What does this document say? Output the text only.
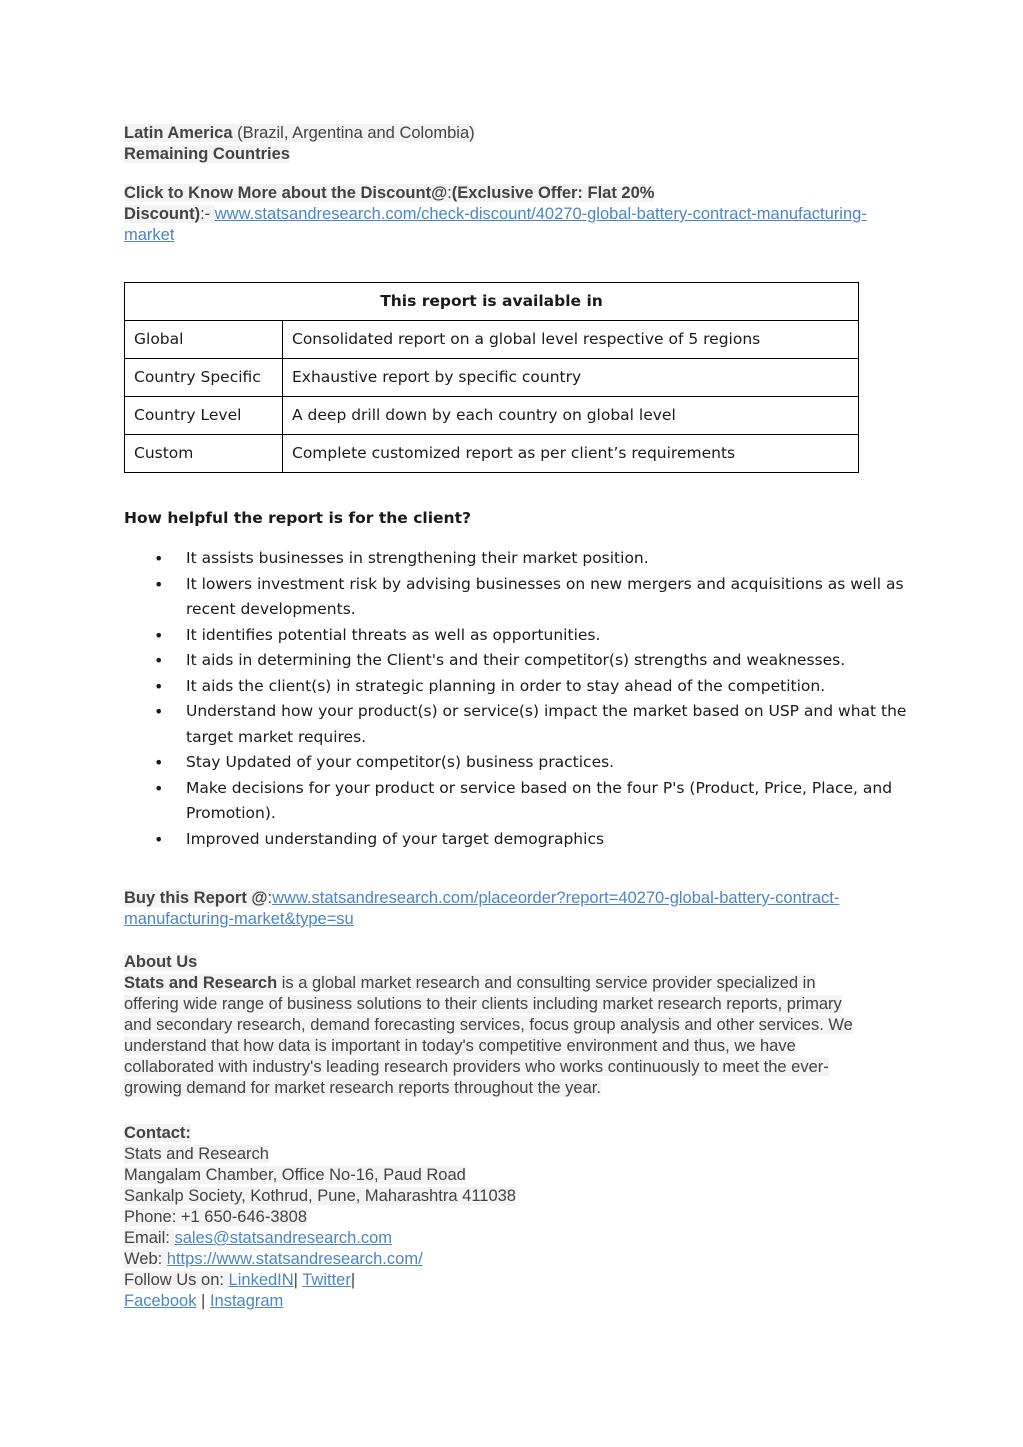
Latin America (Brazil, Argentina and Colombia)
Remaining Countries
Click to Know More about the Discount@:(Exclusive Offer: Flat 20%
Discount):- www.statsandresearch.com/check-discount/40270-global-battery-contract-manufacturing-
market
This report is available in	
Global	Consolidated report on a global level respective of 5 regions
Country Specific	Exhaustive report by specific country
Country Level	A deep drill down by each country on global level
Custom	Complete customized report as per client’s requirements
How helpful the report is for the client?
• It assists businesses in strengthening their market position.
• It lowers investment risk by advising businesses on new mergers and acquisitions as well as recent developments.
• It identifies potential threats as well as opportunities.
• It aids in determining the Client's and their competitor(s) strengths and weaknesses.
• It aids the client(s) in strategic planning in order to stay ahead of the competition.
• Understand how your product(s) or service(s) impact the market based on USP and what the target market requires.
• Stay Updated of your competitor(s) business practices.
• Make decisions for your product or service based on the four P's (Product, Price, Place, and Promotion).
• Improved understanding of your target demographics
Buy this Report @:www.statsandresearch.com/placeorder?report=40270-global-battery-contract-
manufacturing-market&type=su
About Us
Stats and Research is a global market research and consulting service provider specialized in
offering wide range of business solutions to their clients including market research reports, primary
and secondary research, demand forecasting services, focus group analysis and other services. We
understand that how data is important in today's competitive environment and thus, we have
collaborated with industry's leading research providers who works continuously to meet the ever-
growing demand for market research reports throughout the year.
Contact:
Stats and Research
Mangalam Chamber, Office No-16, Paud Road
Sankalp Society, Kothrud, Pune, Maharashtra 411038
Phone: +1 650-646-3808
Email: sales@statsandresearch.com
Web: https://www.statsandresearch.com/
Follow Us on: LinkedIN| Twitter|
Facebook | Instagram
